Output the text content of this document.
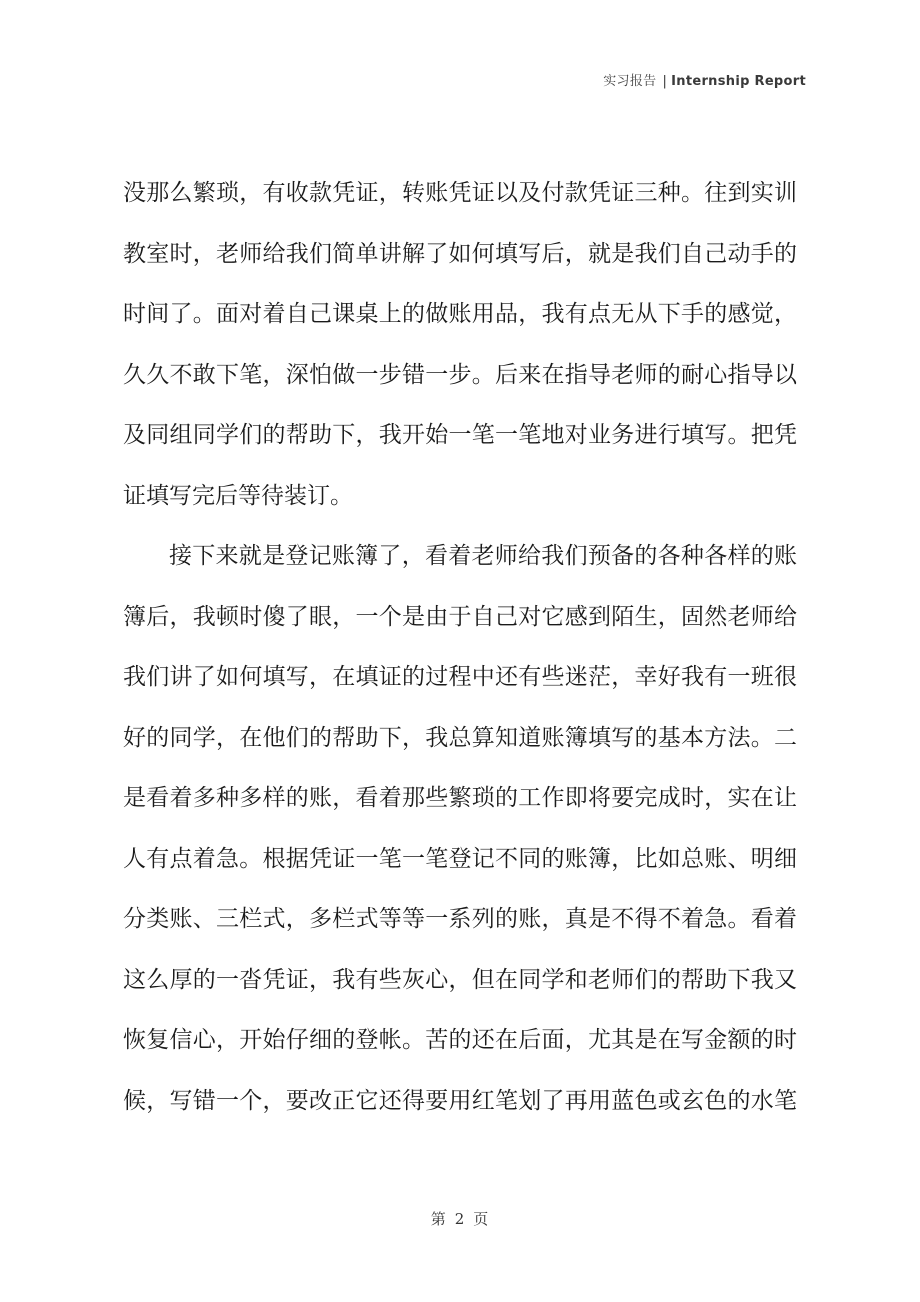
实习报告 | Internship Report
没那么繁琐，有收款凭证，转账凭证以及付款凭证三种。往到实训
教室时，老师给我们简单讲解了如何填写后，就是我们自己动手的
时间了。面对着自己课桌上的做账用品，我有点无从下手的感觉，
久久不敢下笔，深怕做一步错一步。后来在指导老师的耐心指导以
及同组同学们的帮助下，我开始一笔一笔地对业务进行填写。把凭
证填写完后等待装订。
接下来就是登记账簿了，看着老师给我们预备的各种各样的账
簿后，我顿时傻了眼，一个是由于自己对它感到陌生，固然老师给
我们讲了如何填写，在填证的过程中还有些迷茫，幸好我有一班很
好的同学，在他们的帮助下，我总算知道账簿填写的基本方法。二
是看着多种多样的账，看着那些繁琐的工作即将要完成时，实在让
人有点着急。根据凭证一笔一笔登记不同的账簿，比如总账、明细
分类账、三栏式，多栏式等等一系列的账，真是不得不着急。看着
这么厚的一沓凭证，我有些灰心，但在同学和老师们的帮助下我又
恢复信心，开始仔细的登帐。苦的还在后面，尤其是在写金额的时
候，写错一个，要改正它还得要用红笔划了再用蓝色或玄色的水笔
第 2 页
